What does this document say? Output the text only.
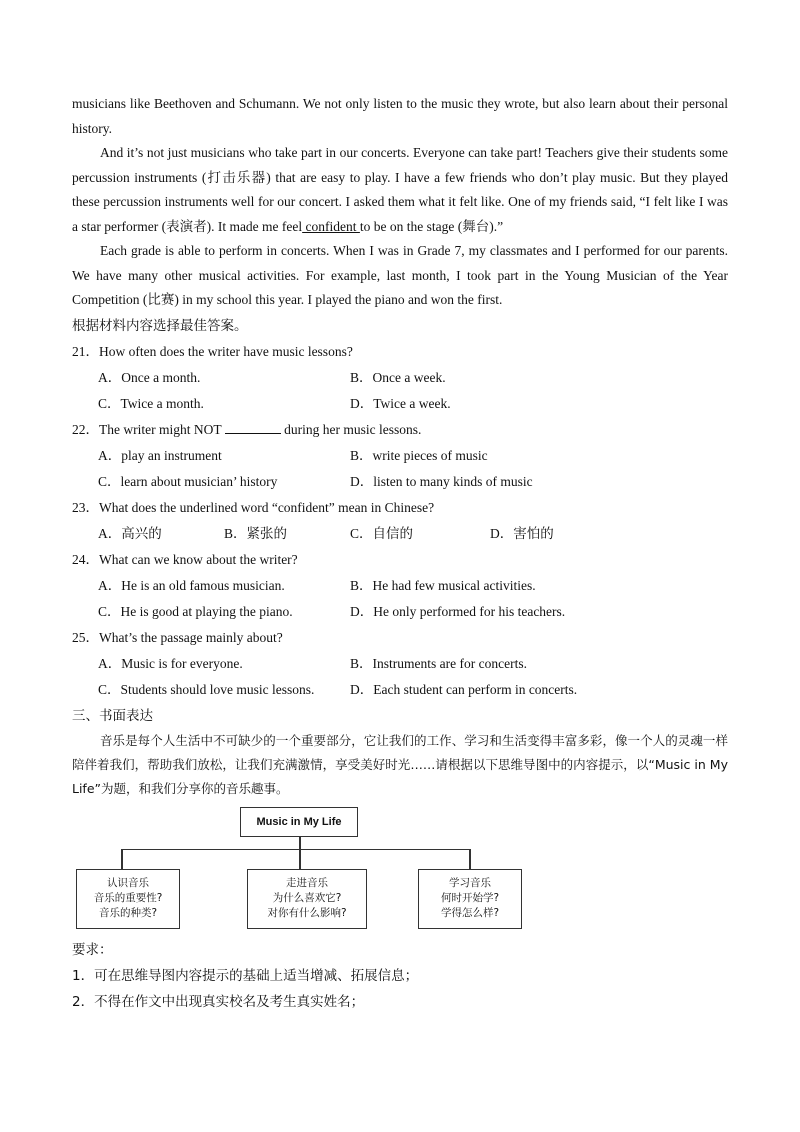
musicians like Beethoven and Schumann. We not only listen to the music they wrote, but also learn about their personal history.

And it’s not just musicians who take part in our concerts. Everyone can take part! Teachers give their students some percussion instruments (打击乐器) that are easy to play. I have a few friends who don’t play music. But they played these percussion instruments well for our concert. I asked them what it felt like. One of my friends said, “I felt like I was a star performer (表演者). It made me feel confident to be on the stage (舞台).”

Each grade is able to perform in concerts. When I was in Grade 7, my classmates and I performed for our parents. We have many other musical activities. For example, last month, I took part in the Young Musician of the Year Competition (比赛) in my school this year. I played the piano and won the first.

根据材料内容选择最佳答案。

21．How often does the writer have music lessons?

A．Once a month.	B．Once a week.
C．Twice a month.	D．Twice a week.

22．The writer might NOT	during her music lessons.

A．play an instrument	B．write pieces of music
C．learn about musician’ history	D．listen to many kinds of music

23．What does the underlined word “confident” mean in Chinese?

A．高兴的	B．紧张的	C．自信的	D．害怕的

24．What can we know about the writer?

A．He is an old famous musician.	B．He had few musical activities.
C．He is good at playing the piano.	D．He only performed for his teachers.

25．What’s the passage mainly about?

A．Music is for everyone.	B．Instruments are for concerts.
C．Students should love music lessons.	D．Each student can perform in concerts.

三、书面表达

音乐是每个人生活中不可缺少的一个重要部分，它让我们的工作、学习和生活变得丰富多彩，像一个人的灵魂一样陪伴着我们，帮助我们放松，让我们充满激情，享受美好时光……请根据以下思维导图中的内容提示，以“Music in My Life”为题，和我们分享你的音乐趣事。

Music in My Life
认识音乐
音乐的重要性?
音乐的种类?
走进音乐
为什么喜欢它?
对你有什么影响?
学习音乐
何时开始学?
学得怎么样?

要求：

1．可在思维导图内容提示的基础上适当增减、拓展信息；

2．不得在作文中出现真实校名及考生真实姓名；
